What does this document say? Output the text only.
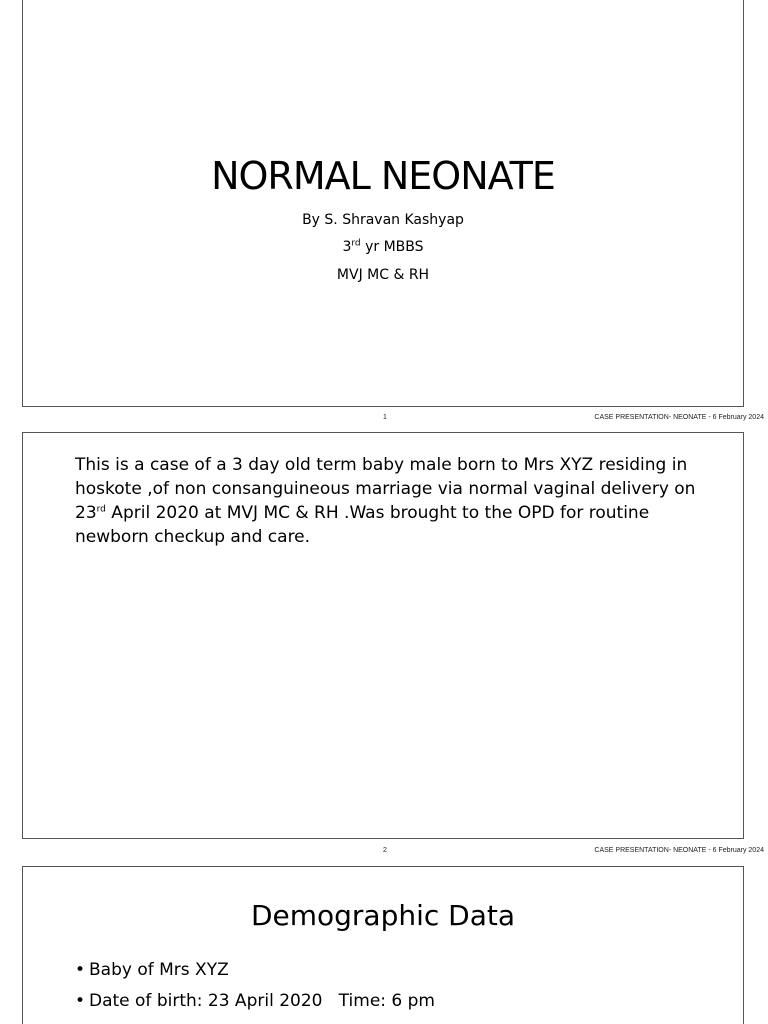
NORMAL NEONATE
By S. Shravan Kashyap
3rd yr MBBS
MVJ MC & RH
1	CASE PRESENTATION- NEONATE - 6 February 2024
This is a case of a 3 day old term baby male born to Mrs XYZ residing in hoskote ,of non consanguineous marriage via normal vaginal delivery on 23rd April 2020 at MVJ MC & RH .Was brought to the OPD for routine newborn checkup and care.
2	CASE PRESENTATION- NEONATE - 6 February 2024
Demographic Data
• Baby of Mrs XYZ
• Date of birth: 23 April 2020   Time: 6 pm
